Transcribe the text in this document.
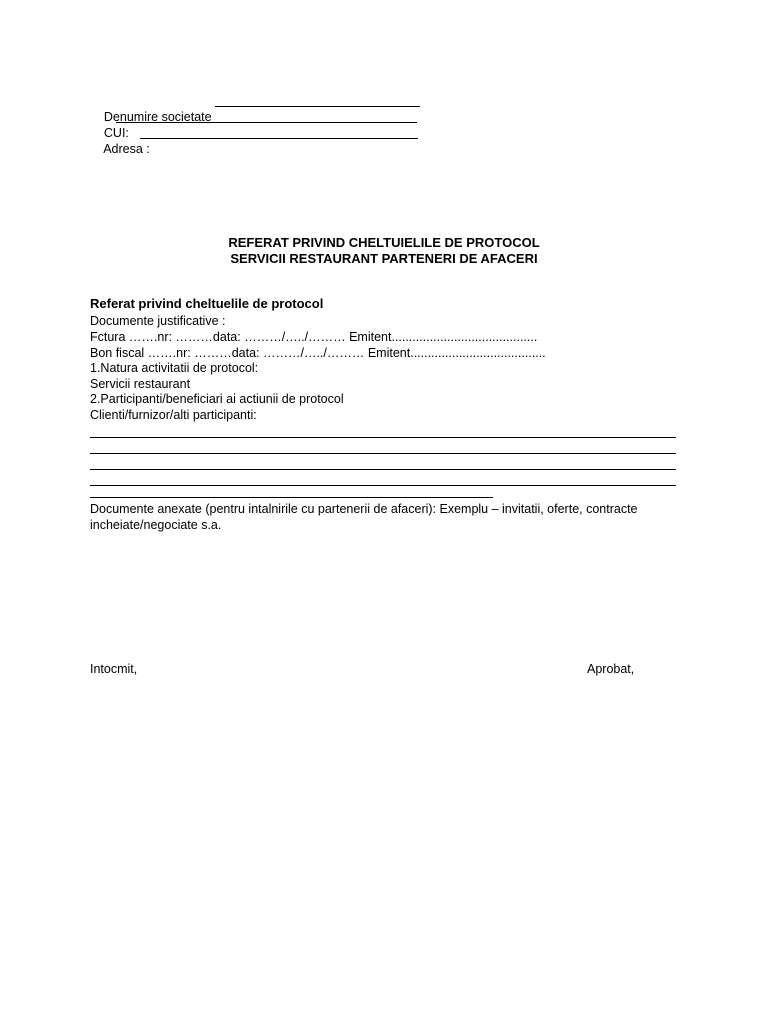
Denumire societate

CUI:

Adresa :

REFERAT PRIVIND CHELTUIELILE DE PROTOCOL
SERVICII RESTAURANT PARTENERI DE AFACERI
Referat privind cheltuelile de protocol
Documente justificative :
Fctura …….nr: ………data: ………/…../……… Emitent..........................................
Bon fiscal …….nr: ………data: ………/…../……… Emitent.......................................
1.Natura activitatii de protocol:
Servicii restaurant
2.Participanti/beneficiari ai actiunii de protocol
Clienti/furnizor/alti participanti:
Documente anexate (pentru intalnirile cu partenerii de afaceri): Exemplu – invitatii, oferte, contracte incheiate/negociate s.a.
Intocmit,	Aprobat,
